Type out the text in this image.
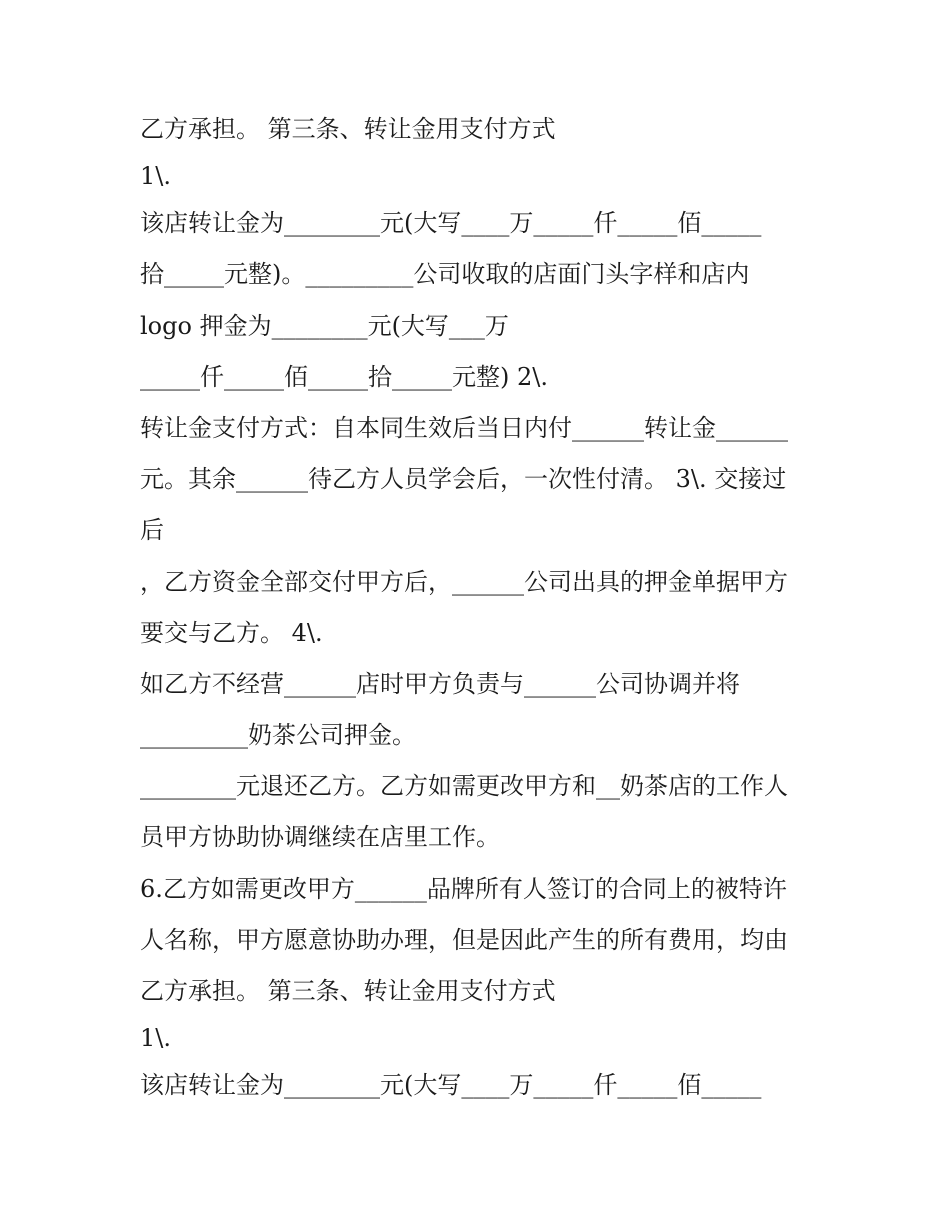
乙方承担。 第三条、转让金用支付方式
1\.
该店转让金为________元(大写____万_____仟_____佰_____
拾_____元整)。_________公司收取的店面门头字样和店内
logo 押金为________元(大写___万
_____仟_____佰_____拾_____元整) 2\.
转让金支付方式：自本同生效后当日内付______转让金______
元。其余______待乙方人员学会后，一次性付清。 3\. 交接过
后
，乙方资金全部交付甲方后，______公司出具的押金单据甲方
要交与乙方。 4\.
如乙方不经营______店时甲方负责与______公司协调并将
_________奶茶公司押金。
________元退还乙方。乙方如需更改甲方和__奶茶店的工作人
员甲方协助协调继续在店里工作。
6.乙方如需更改甲方______品牌所有人签订的合同上的被特许
人名称，甲方愿意协助办理，但是因此产生的所有费用，均由
乙方承担。 第三条、转让金用支付方式
1\.
该店转让金为________元(大写____万_____仟_____佰_____
